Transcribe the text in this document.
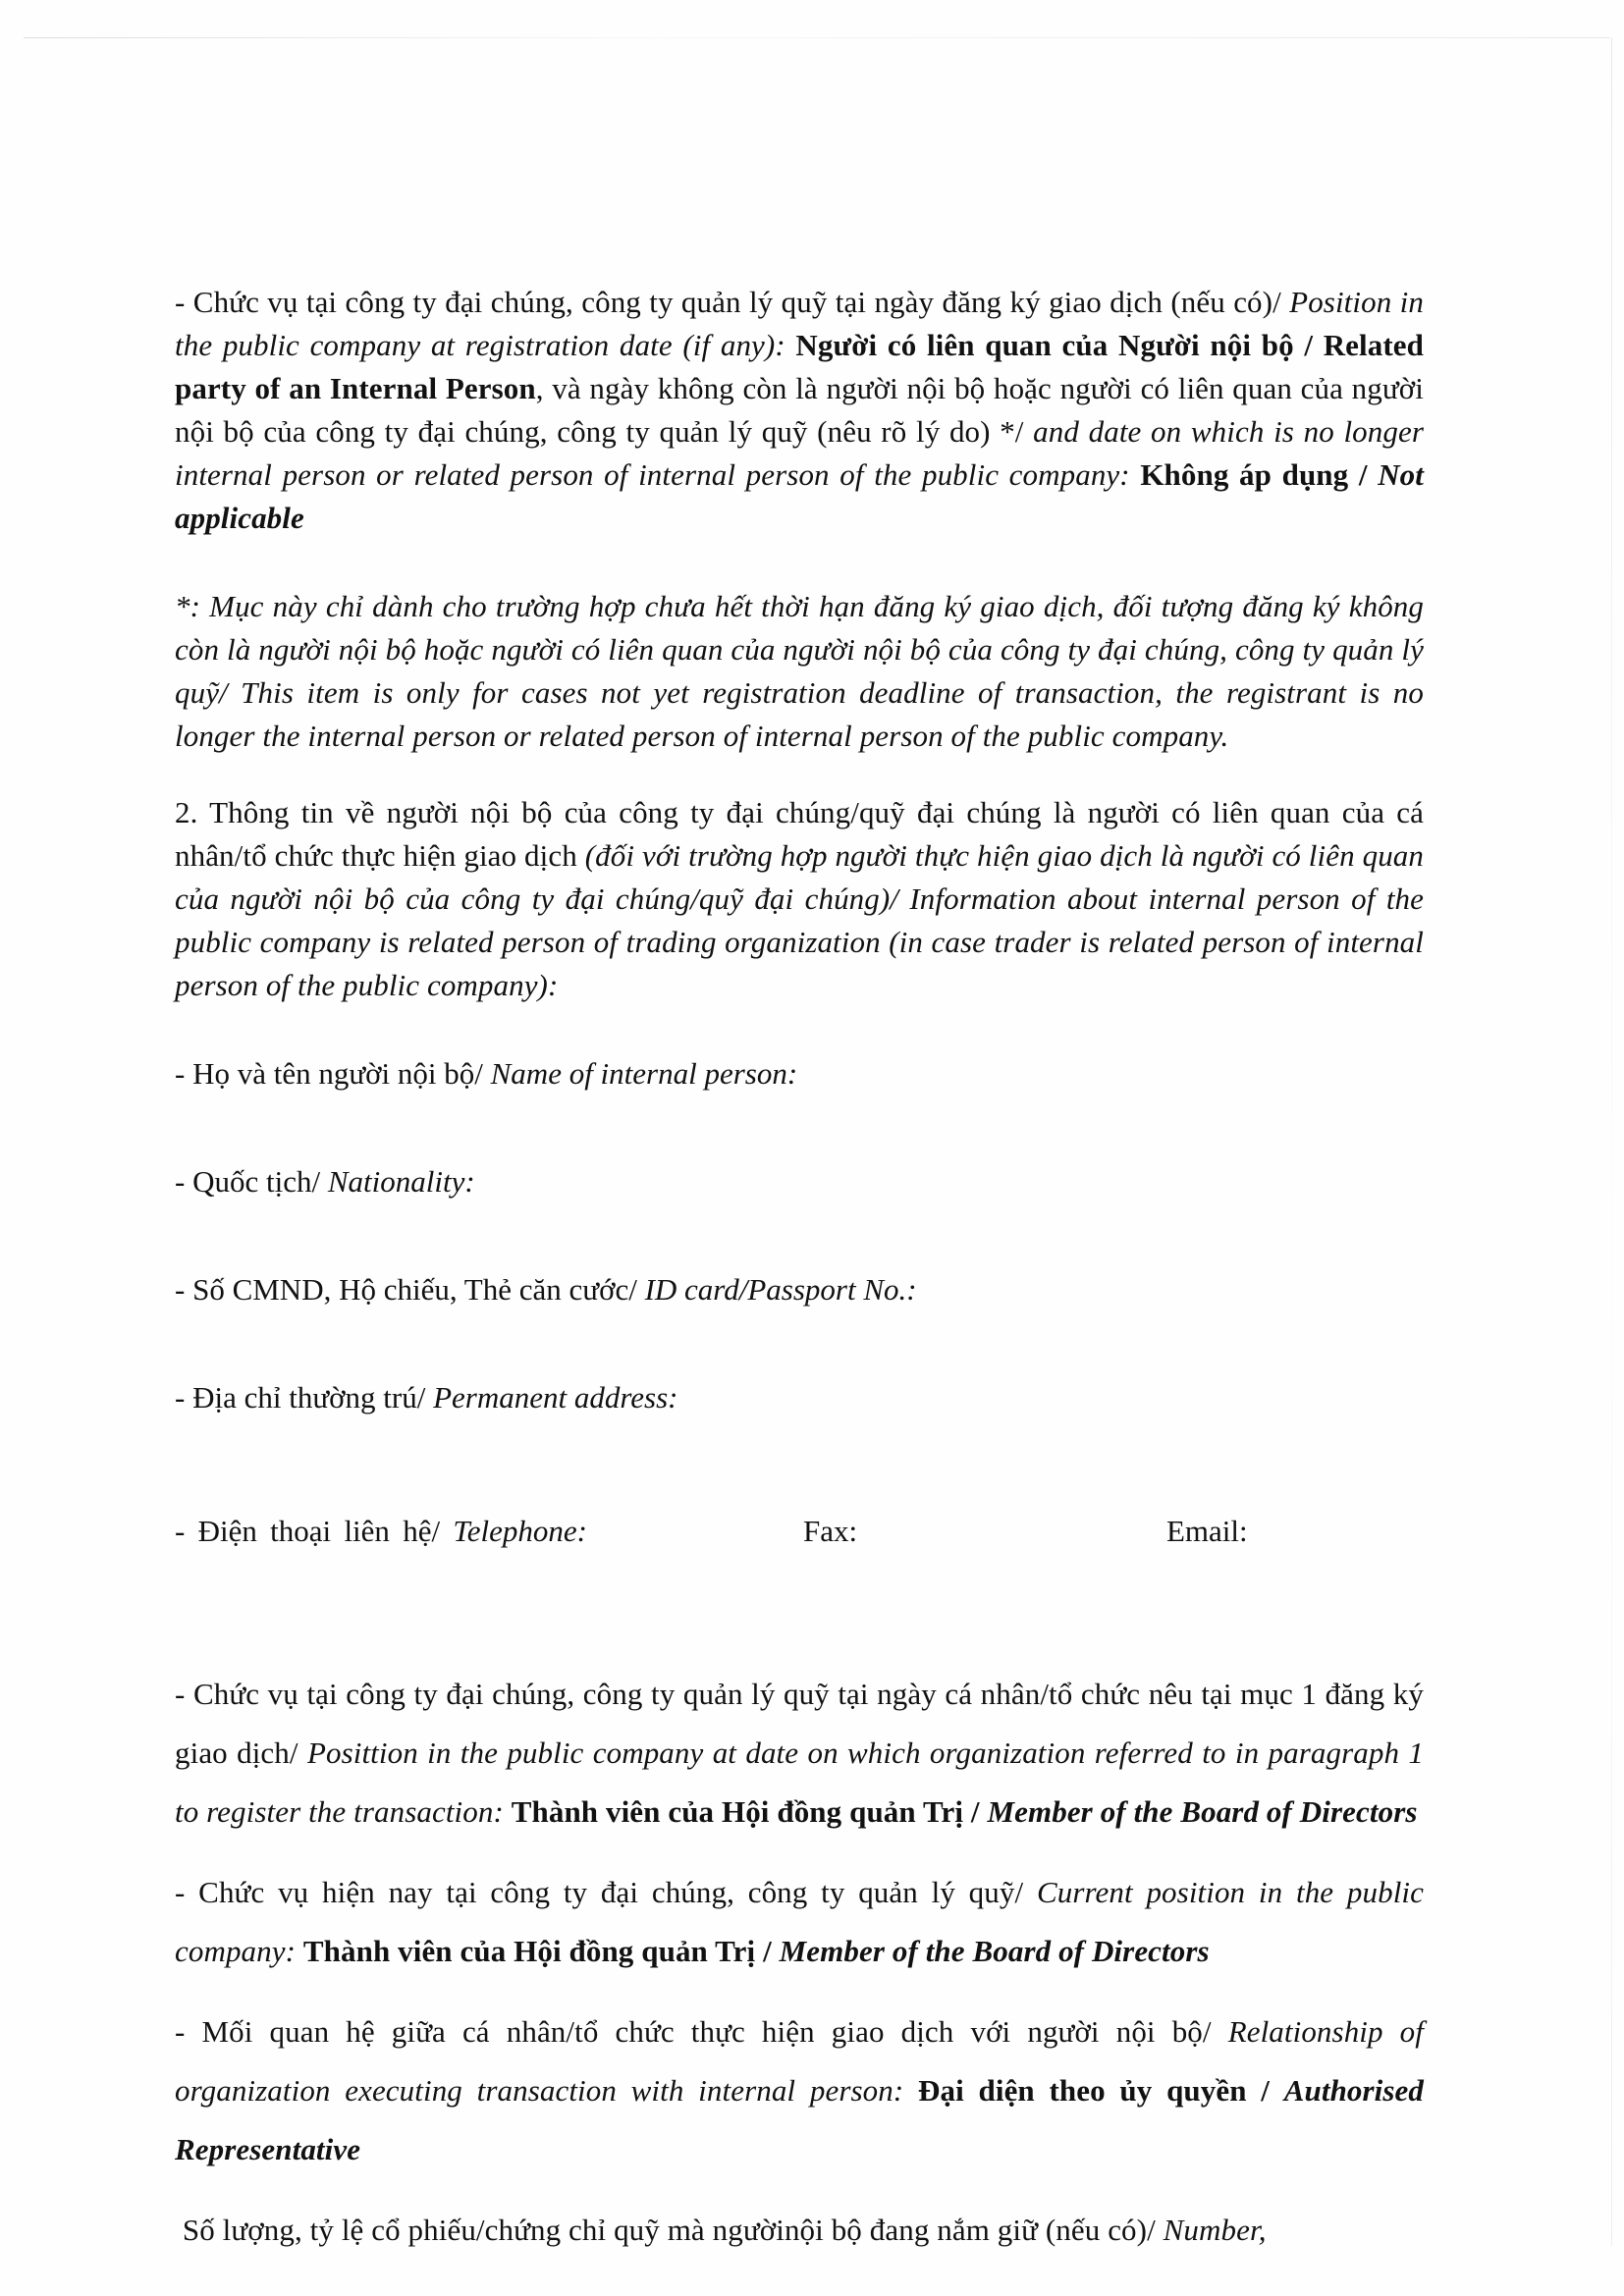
- Chức vụ tại công ty đại chúng, công ty quản lý quỹ tại ngày đăng ký giao dịch (nếu có)/ Position in the public company at registration date (if any): Người có liên quan của Người nội bộ / Related party of an Internal Person, và ngày không còn là người nội bộ hoặc người có liên quan của người nội bộ của công ty đại chúng, công ty quản lý quỹ (nêu rõ lý do) */ and date on which is no longer internal person or related person of internal person of the public company: Không áp dụng / Not applicable

*: Mục này chỉ dành cho trường hợp chưa hết thời hạn đăng ký giao dịch, đối tượng đăng ký không còn là người nội bộ hoặc người có liên quan của người nội bộ của công ty đại chúng, công ty quản lý quỹ/ This item is only for cases not yet registration deadline of transaction, the registrant is no longer the internal person or related person of internal person of the public company.

2. Thông tin về người nội bộ của công ty đại chúng/quỹ đại chúng là người có liên quan của cá nhân/tổ chức thực hiện giao dịch (đối với trường hợp người thực hiện giao dịch là người có liên quan của người nội bộ của công ty đại chúng/quỹ đại chúng)/ Information about internal person of the public company is related person of trading organization (in case trader is related person of internal person of the public company):

- Họ và tên người nội bộ/ Name of internal person:

- Quốc tịch/ Nationality:

- Số CMND, Hộ chiếu, Thẻ căn cước/ ID card/Passport No.:

- Địa chỉ thường trú/ Permanent address:

- Điện thoại liên hệ/ Telephone:	Fax:	Email:

- Chức vụ tại công ty đại chúng, công ty quản lý quỹ tại ngày cá nhân/tổ chức nêu tại mục 1 đăng ký giao dịch/ Posittion in the public company at date on which organization referred to in paragraph 1 to register the transaction: Thành viên của Hội đồng quản Trị / Member of the Board of Directors

- Chức vụ hiện nay tại công ty đại chúng, công ty quản lý quỹ/ Current position in the public company: Thành viên của Hội đồng quản Trị / Member of the Board of Directors

- Mối quan hệ giữa cá nhân/tổ chức thực hiện giao dịch với người nội bộ/ Relationship of organization executing transaction with internal person: Đại diện theo ủy quyền / Authorised Representative

Số lượng, tỷ lệ cổ phiếu/chứng chỉ quỹ mà ngườinội bộ đang nắm giữ (nếu có)/ Number,
